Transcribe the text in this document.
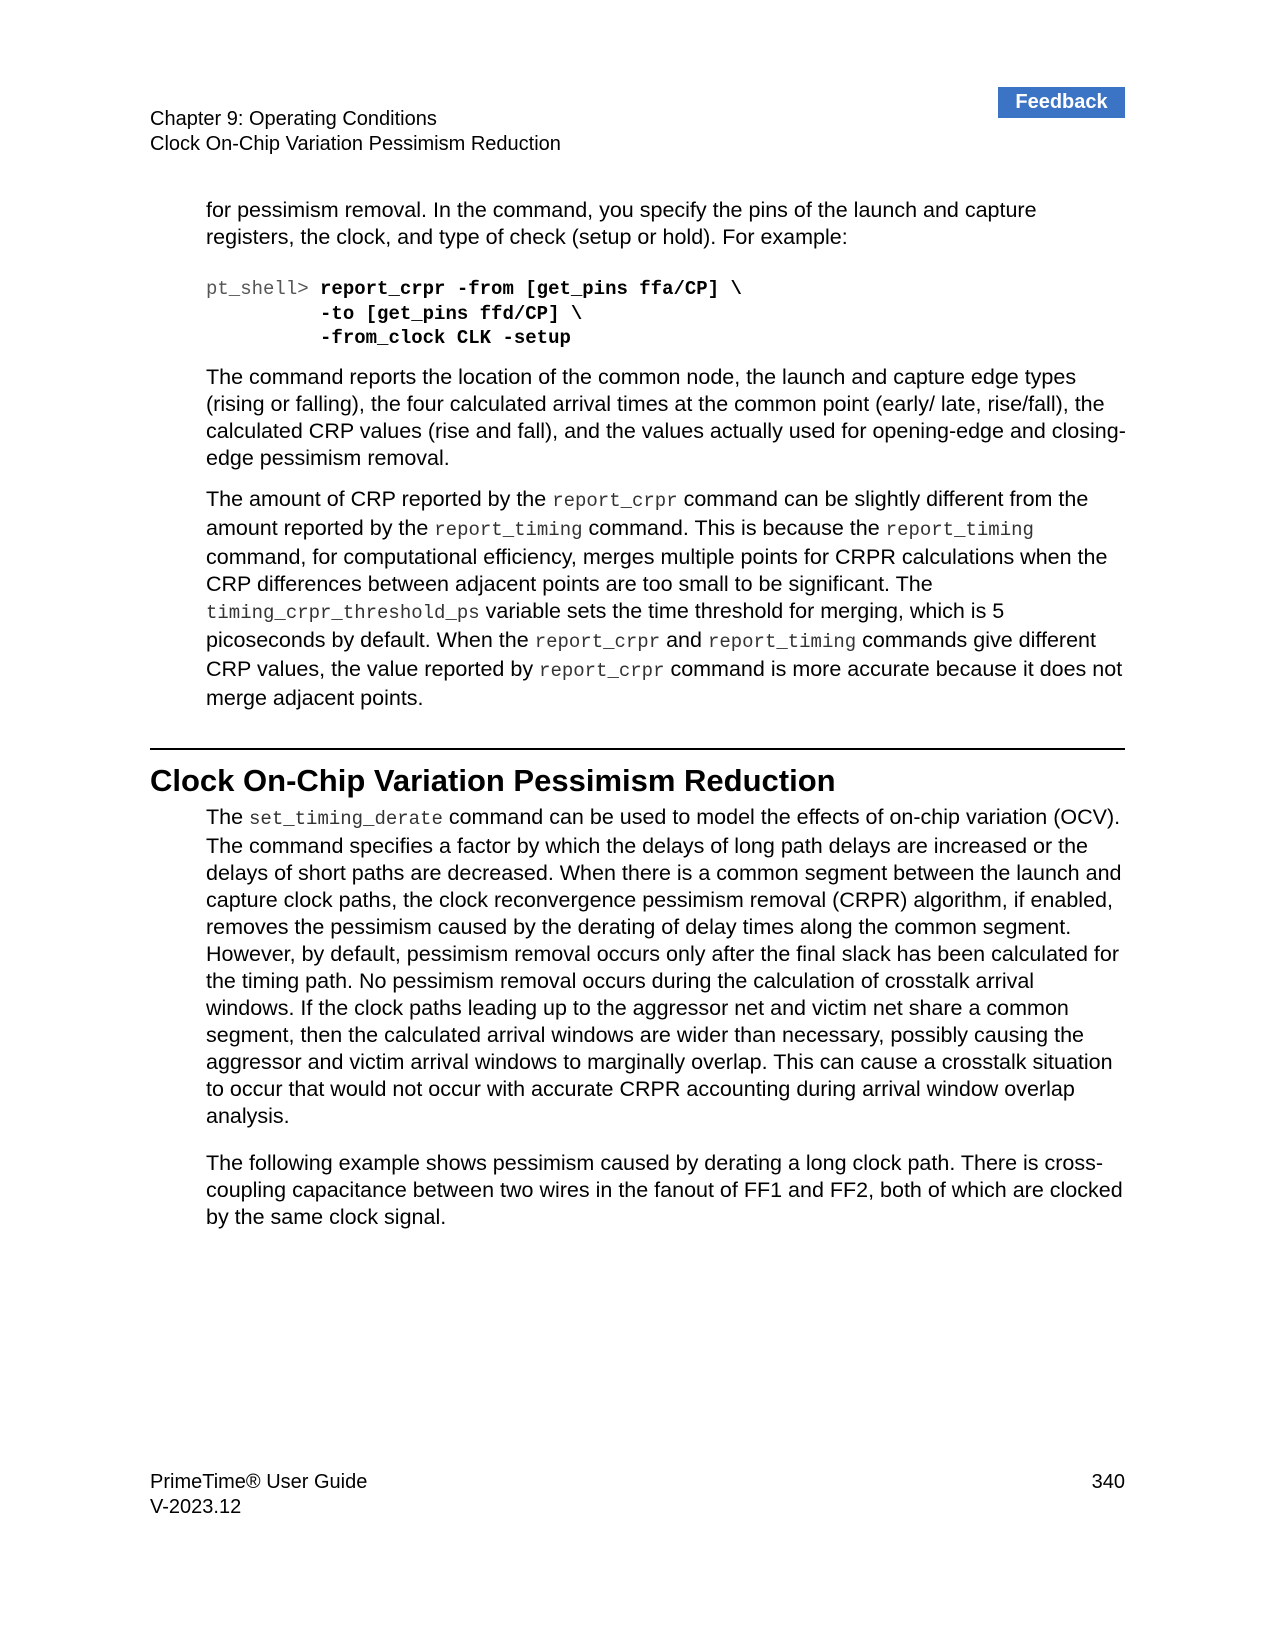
Chapter 9: Operating Conditions
Clock On-Chip Variation Pessimism Reduction
Feedback

for pessimism removal. In the command, you specify the pins of the launch and capture registers, the clock, and type of check (setup or hold). For example:

pt_shell> report_crpr -from [get_pins ffa/CP] \
-to [get_pins ffd/CP] \
-from_clock CLK -setup

The command reports the location of the common node, the launch and capture edge types (rising or falling), the four calculated arrival times at the common point (early/ late, rise/fall), the calculated CRP values (rise and fall), and the values actually used for opening-edge and closing-edge pessimism removal.

The amount of CRP reported by the report_crpr command can be slightly different from the amount reported by the report_timing command. This is because the report_timing command, for computational efficiency, merges multiple points for CRPR calculations when the CRP differences between adjacent points are too small to be significant. The timing_crpr_threshold_ps variable sets the time threshold for merging, which is 5 picoseconds by default. When the report_crpr and report_timing commands give different CRP values, the value reported by report_crpr command is more accurate because it does not merge adjacent points.

Clock On-Chip Variation Pessimism Reduction

The set_timing_derate command can be used to model the effects of on-chip variation (OCV). The command specifies a factor by which the delays of long path delays are increased or the delays of short paths are decreased. When there is a common segment between the launch and capture clock paths, the clock reconvergence pessimism removal (CRPR) algorithm, if enabled, removes the pessimism caused by the derating of delay times along the common segment. However, by default, pessimism removal occurs only after the final slack has been calculated for the timing path. No pessimism removal occurs during the calculation of crosstalk arrival windows. If the clock paths leading up to the aggressor net and victim net share a common segment, then the calculated arrival windows are wider than necessary, possibly causing the aggressor and victim arrival windows to marginally overlap. This can cause a crosstalk situation to occur that would not occur with accurate CRPR accounting during arrival window overlap analysis.

The following example shows pessimism caused by derating a long clock path. There is cross-coupling capacitance between two wires in the fanout of FF1 and FF2, both of which are clocked by the same clock signal.

PrimeTime® User Guide
V-2023.12
340
